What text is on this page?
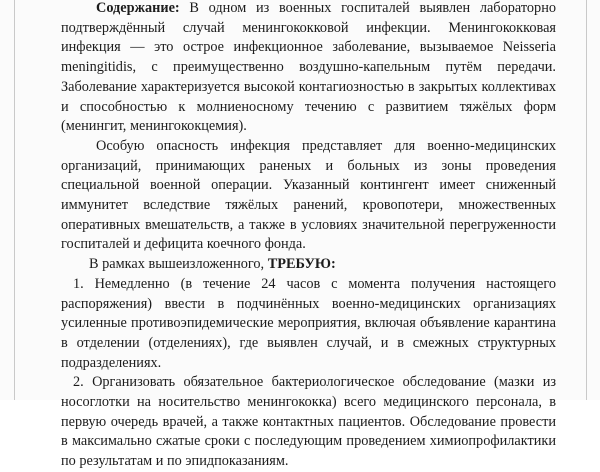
Содержание: В одном из военных госпиталей выявлен лабораторно
подтверждённый случай менингококковой инфекции. Менингококковая
инфекция — это острое инфекционное заболевание, вызываемое Neisseria
meningitidis, с преимущественно воздушно-капельным путём передачи.
Заболевание характеризуется высокой контагиозностью в закрытых коллективах
и способностью к молниеносному течению с развитием тяжёлых форм
(менингит, менингококцемия).
Особую опасность инфекция представляет для военно-медицинских
организаций, принимающих раненых и больных из зоны проведения
специальной военной операции. Указанный контингент имеет сниженный
иммунитет вследствие тяжёлых ранений, кровопотери, множественных
оперативных вмешательств, а также в условиях значительной перегруженности
госпиталей и дефицита коечного фонда.
В рамках вышеизложенного, ТРЕБУЮ:
1. Немедленно (в течение 24 часов с момента получения настоящего
распоряжения) ввести в подчинённых военно-медицинских организациях
усиленные противоэпидемические мероприятия, включая объявление карантина
в отделении (отделениях), где выявлен случай, и в смежных структурных
подразделениях.
2. Организовать обязательное бактериологическое обследование (мазки из
носоглотки на носительство менингококка) всего медицинского персонала, в
первую очередь врачей, а также контактных пациентов. Обследование провести
в максимально сжатые сроки с последующим проведением химиопрофилактики
по результатам и по эпидпоказаниям.
